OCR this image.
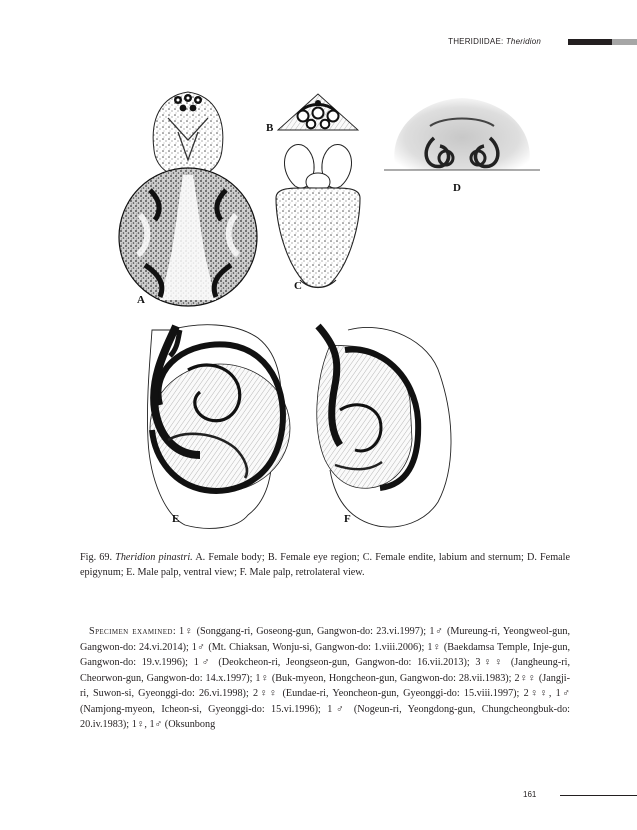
THERIDIIDAE: Theridion
B
D
C
A
E	F
Fig. 69. Theridion pinastri. A. Female body; B. Female eye region; C. Female endite, labium and sternum; D. Female epigynum; E. Male palp, ventral view; F. Male palp, retrolateral view.
Specimen examined: 1♀ (Songgang-ri, Goseong-gun, Gangwon-do: 23.vi.1997); 1♂ (Mureung-ri, Yeongweol-gun, Gangwon-do: 24.vi.2014); 1♂ (Mt. Chiaksan, Wonju-si, Gangwon-do: 1.viii.2006); 1♀ (Baekdamsa Temple, Inje-gun, Gangwon-do: 19.v.1996); 1♂ (Deokcheon-ri, Jeongseon-gun, Gangwon-do: 16.vii.2013); 3♀♀ (Jangheung-ri, Cheorwon-gun, Gangwon-do: 14.x.1997); 1♀ (Buk-myeon, Hongcheon-gun, Gangwon-do: 28.vii.1983); 2♀♀ (Jangji-ri, Suwon-si, Gyeonggi-do: 26.vi.1998); 2♀♀ (Eundae-ri, Yeoncheon-gun, Gyeonggi-do: 15.viii.1997); 2♀♀, 1♂ (Namjong-myeon, Icheon-si, Gyeonggi-do: 15.vi.1996); 1♂ (Nogeun-ri, Yeongdong-gun, Chungcheongbuk-do: 20.iv.1983); 1♀, 1♂ (Oksunbong
161
